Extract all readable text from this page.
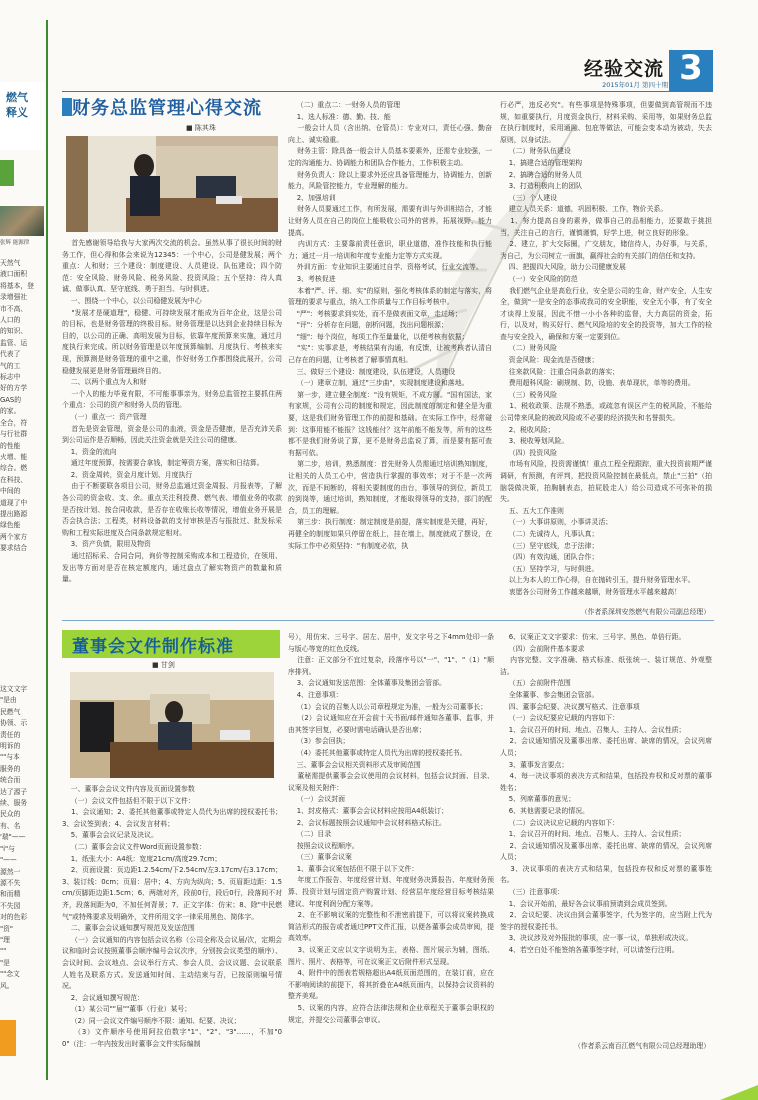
燃气
释义
张辉 能源律
天然气
液口面积
将基本，登
录增强社
市不高、
人口的
的知识、
监管、运
代表了
气的工
标志中
好的方学
GAS的
的家。
全合，符
与行社群
的性能
火增、能
综合。燃
在科技、
中间的
道现了中
提出路源
绿色能
两个家方
要求结合
这文文字
"是由
民燃气
协领、示
责任的
明诉的
""与本
服务的
统合而
达了源子
续、服务
民众的
有、名
'瑞"——
"i"与
"——
源然一
源不失
和而精
不失园
对的色彩
"资"
"理
""
"是
""念文
风。
经验交流 3
2015年01月 第四十期
财务总监管理心得交流
■ 陈其珠
首先感谢领导给我与大家两次交流的机会。虽然从事了很长时间的财务工作，但心得和体会来说为12345：一个中心，公司是健发展；两个重点：人和财；三个建设：制度建设、人员建设、队伍建设；四个防范：安全风险、财务风险、税务风险、投资风险；五个坚持：待人真诚、做事认真、坚守底线、勇于担当、与时俱进。
一、围绕一个中心，以公司稳健发展为中心
"发展才是硬道理"，稳健、可持续发展才能成为百年企业，这是公司的目标，也是财务管理的终极目标。财务管理是以达到企业持续目标为目的，以公司的正确、高明发展为目标，依靠年度预算来实施，通过月度执行来完成。所以财务管理是以年度预算编制、月度执行、考核来实现，预算测是财务管理的重中之重，作好财务工作都围绕此展开，公司稳健发展更是财务管理最终目的。
二、以两个重点为人和财
一个人的能力毕竟有限，不可能事事亲为，财务总监管控主要抓住两个重点：公司的资产和财务人员的管理。
（一）重点一：资产管理
首先是资金管理，资金是公司的血液，资金是否健康，是否充沛关系到公司运作是否顺畅，因此关注资金就是关注公司的健康。
1、资金的流向
通过年度预算，按需要合拿钱，制定筹资方案，落实和日结算。
2、资金周转，资金月度计划、月度执行
由于不断要联各项目公司，财务总监通过资金周报、月报表等，了解各公司的资金收、支、余。重点关注利投费、燃气表、增值业务的收款是否按计划、按合同收款，是否存在收账长收等情况，增值业务开展是否会执合法；工程类，材料设备款的支付审核是否与报批过、批发标采购和工程实际进度及合同条款规定相对。
3、资产负债，限用及物资
通过招标采、合同合同，询价等控制采购成本和工程造价，在领用、发出等方面对是否在核定额度内，通过盘点了解实物资产的数量和质量。
（二）重点二：一财务人员的管理
1、选人标准：德、勤、技、能
一般会计人员（含出纳、仓管员）：专业对口，责任心强、勤奋向上、诚实稳重。
财务主管：除具备一般会计人员基本要素外，还需专业较强，一定的沟通能力、协调能力和团队合作能力，工作积极主动。
财务负责人：除以上要求外还应具备管理能力，协调能力，创新能力，风险管控能力，专业理解的能力。
2、加强培训
财务人员要通过工作，有所发展，需要有训与外训相结合，才能让财务人员在自己的岗位上能吸收公司外的营养，拓展视野，能力提高。
内训方式：主要靠前责任意识，职业道德，准作技能和执行能力；通过一月一培训和年度专业能力定等方式实现。
外训方面：专业知识主要通过自学、资格考试，行业交流等。
3、考核促进
本着"严、评、细、实"的原则，强化考核体系的制定与落实，将管理的要求与重点，纳入工作质量与工作目标考核中。
"严"：考核要求到实处，而不是做表面文章，走过场；
"评"：分析存在问题，剖析问题，找出问题根源；
"细"：每个岗位，每项工作至量量化，以便考核有依据；
"实"：实事求是，考核结果有沟通，有反馈，让被考核者认清自己存在的问题，让考核者了解事情真相。
三、做好三个建设：制度建设，队伍建设，人员建设
（一）建章立制，通过"三步曲"，实现制度建设和落地。
第一步，建立健全制度："没有规矩，不成方圆。"国有国法，家有家规，公司有公司的制度和规定，因此制度的制定和健全是为重要，这是我们财务管理工作的前提和基础。在实际工作中，经常碰到：这事用能不能报？这钱能付？这年前能不能发等，所有的这些都不是我们财务说了算，更不是财务总监说了算，而是要有据可查有据可依。
第二步，培训，熟悉制度：首先财务人员需通过培训熟知制度，让相关的人员工心中，营造执行掌握的事效率；对于不是一次两次，而是不间断的，将相关要制度的由台，事领导的到位，新员工的到岗等，通过培训，熟知制度，才能取得领导的支持，部门的配合，员工的理解。
第三步：执行制度：制定制度是前提，落实制度是关键，再好，再健全的制度如果只停留在纸上，挂在墙上，制度就成了摆设，在实际工作中必须坚持："有制度必依，执
行必严，违反必究"。有些事项是特殊事项，但要做到高管规而不违规，如重要执行，月度资金执行，材料采购、采用等，如果财务总监在执行制度时，采用通融、包庇等做法，可能会变本动为被动，失去原则，以身试法。
（二）财务队伍建设
1、搞建合适的管理架构
2、搞聘合适的财务人员
3、打造积极向上的团队
（三）个人建设
建立人员关系：道德，巩固积极、工作，物价关系。
1、努力提高自身的素养，做事自己的品相能力，还要敢于挑担当，关注自己的言行，谨慎谨慎，好学上进，树立良好的形象。
2、建立，扩大交际圈，广交朋友，储信待人，办好事，与关系，为自己，为公司树立一面旗，赢得社会的有关部门的信任和支持。
四、把握四大风险，助力公司健康发展
（一）安全风险的防范
我们燃气企业是高危行业，安全是公司的生命，财产安全，人生安全，做到"一是安全的态事成我司的安全职能，安全无小事，有了安全才谈得上发展，因此不惜一小小各种的监督，大力高层的资金，拓行，以及对，购买好行、燃气风险培的安全的投资等，加大工作的检查与安全投入，确保和方案一定要到位。
（二）财务风险
资金风险：现金流是否健康；
往来款风险：注重合同条款的落实；
费用超科风险：刷规制、防，设施、表单现状，单等的费用。
（三）税务风险
1、税收政策、法规不熟悉，或疏忽有误区产生的税风险，不能给公司带来风险的被政风险或不必要的经济损失和名誉损失。
2、税收风险；
3、税收筹划风险。
（四）投资风险
市场有风险，投资需谨慎！重点工程全程跟踪，重大投资前期严谨调研，有预测，有评判，把投资风险控制在最低点，禁止"三拍"（拍脑袋做决策，拍胸脯表态，拍屁股走人）给公司造成不可弥补的损失。
五、五大工作准则
（一）大事讲原则，小事讲灵活；
（二）先诚待人，凡事认真；
（三）坚守底线，忠于法律；
（四）有效沟通，团队合作；
（五）坚持学习，与时俱进。
以上为本人的工作心得，自在抛砖引玉，提升财务管理水平。
衷愿各公司财务工作越来越顺，财务管理水平越来越高！
（作者系深圳安然燃气有限公司副总经理）
董事会文件制作标准
■ 甘剑
一、董事会会议文件内容及页面设置参数
（一）会议文件包括但不限于以下文件：
1、会议通知；2、委托其他董事或特定人员代为出席的授权委托书；3、会议签到表；4、会议发言材料；
5、董事会会议记录及决议。
（二）董事会会议文件Word页面设置参数：
1、纸张大小：A4纸：宽度21cm/高度29.7cm；
2、页面设置：页边距1.2.54cm/下2.54cm/左3.17cm/右3.17cm；3、装订线：0cm；页眉：居中；4、方向为纵向；5、页眉距边距：1.5cm/页脚距边距1.5cm；6、两端对齐，段前0行，段后0行，段落间不对齐，段落间距为0，不加任何背景；7、正文字体：仿宋；8、除"中民燃气"或特殊要求及明确外，文件所用文字一律采用黑色、简体字。
二、董事会会议通知撰写规范及发送范围
（一）会议通知的内容包括会议名称（公司全称及会议届/次，定期会议和临时会议按照董事会顺序编号会议次序，分别按会议类型的顺序）、会议时间、会议地点、会议举行方式、参会人员、会议议题、会议联系人姓名及联系方式。发送通知时间、主动结束与否，已按原则编号情况。
2、会议通知撰写规范：
（1）某公司""届""董事（行业）某号；
（2）同一会议文件编号顺序不限：通知、纪要、决议；
（3）文件顺序号使用阿拉伯数字"1"、"2"、"3"……，不加"00"（注：一年内按发出时董事会文件实际编制
号），用仿宋、三号字、居左、居中，发文字号之下4mm处印一条与版心等宽的红色反线。
注意：正文部分不宜过复杂，段落序号以"一"、"1"、"（1）"顺序排列。
3、会议通知发送范围：全体董事及集团会管部。
4、注意事项：
（1）会议的召集人以公司章程规定为准，一般为公司董事长；
（2）会议通知应在开会前十天书面/邮件通知各董事、监事，并由其签字回复，必要时需电话确认是否出席；
（3）参会回执；
（4）委托其他董事或特定人员代为出席的授权委托书。
三、董事会会议相关资料形式及审阅范围
董秘需提供董事会会议使用的会议材料，包括会议封面、目录、议案及相关附件：
（一）会议封面
1、封皮格式：董事会会议材料应按用A4纸装订；
2、会议标题按照会议通知中会议材料格式标注。
（二）目录
按照会议议程顺序。
（三）董事会议案
1、董事会议案包括但不限于以下文件：
年度工作报告、年度经营计划、年度财务决算报告、年度财务预算、投资计划与固定资产购置计划、经营层年度经营目标考核结果建议、年度利润分配方案等。
2、在不影响议案的完整性和不泄密前提下，可以将议案转换成简洁形式的报告或者通过PPT文件汇报，以便各董事会成员审阅，提高效率。
3、议案正文应以文字说明为主，表格、图片展示为辅，图纸、图片、照片、表格等，可在议案正文后附件形式呈现。
4、附件中的图表若规格超出A4纸页面范围的，在装订前，应在不影响阅读的前提下，将其折叠在A4纸页面内，以保持会议资料的整齐美观。
5、议案的内容，应符合法律法规和企业章程关于董事会职权的规定，并提交公司董事会审议。
6、议案正文文字要求：仿宋、三号字、黑色、单倍行距。
（四）会前附件基本要求
内容完整、文字准确、格式标准、纸张统一、装订规范、外观整洁。
（五）会前附件范围
全体董事、参会集团会管部。
四、董事会纪要、决议撰写格式、注意事项
（一）会议纪要应记载的内容如下：
1、会议召开的时间、地点、召集人、主持人、会议性质；
2、会议通知情况及董事出席、委托出席、缺席的情况，会议列席人员；
3、董事发言要点；
4、每一决议事项的表决方式和结果，包括投弃权和反对票的董事姓名；
5、列席董事的意见；
6、其他需要记录的情况。
（二）会议决议应记载的内容如下：
1、会议召开的时间、地点、召集人、主持人、会议性质；
2、会议通知情况及董事出席、委托出席、缺席的情况，会议列席人员；
3、决议事项的表决方式和结果，包括投弃权和反对票的董事姓名。
（三）注意事项：
1、会议开始前，最好各会议事前预请到会成员签到。
2、会议纪要、决议由到会董事签字，代为签字的，应当附上代为签字的授权委托书。
3、决议涉及对外报批的事项，应一事一议，单独形成决议。
4、若空白处不能签纳各董事签字时，可以请签行注明。
（作者系云南百江燃气有限公司总经理助理）
